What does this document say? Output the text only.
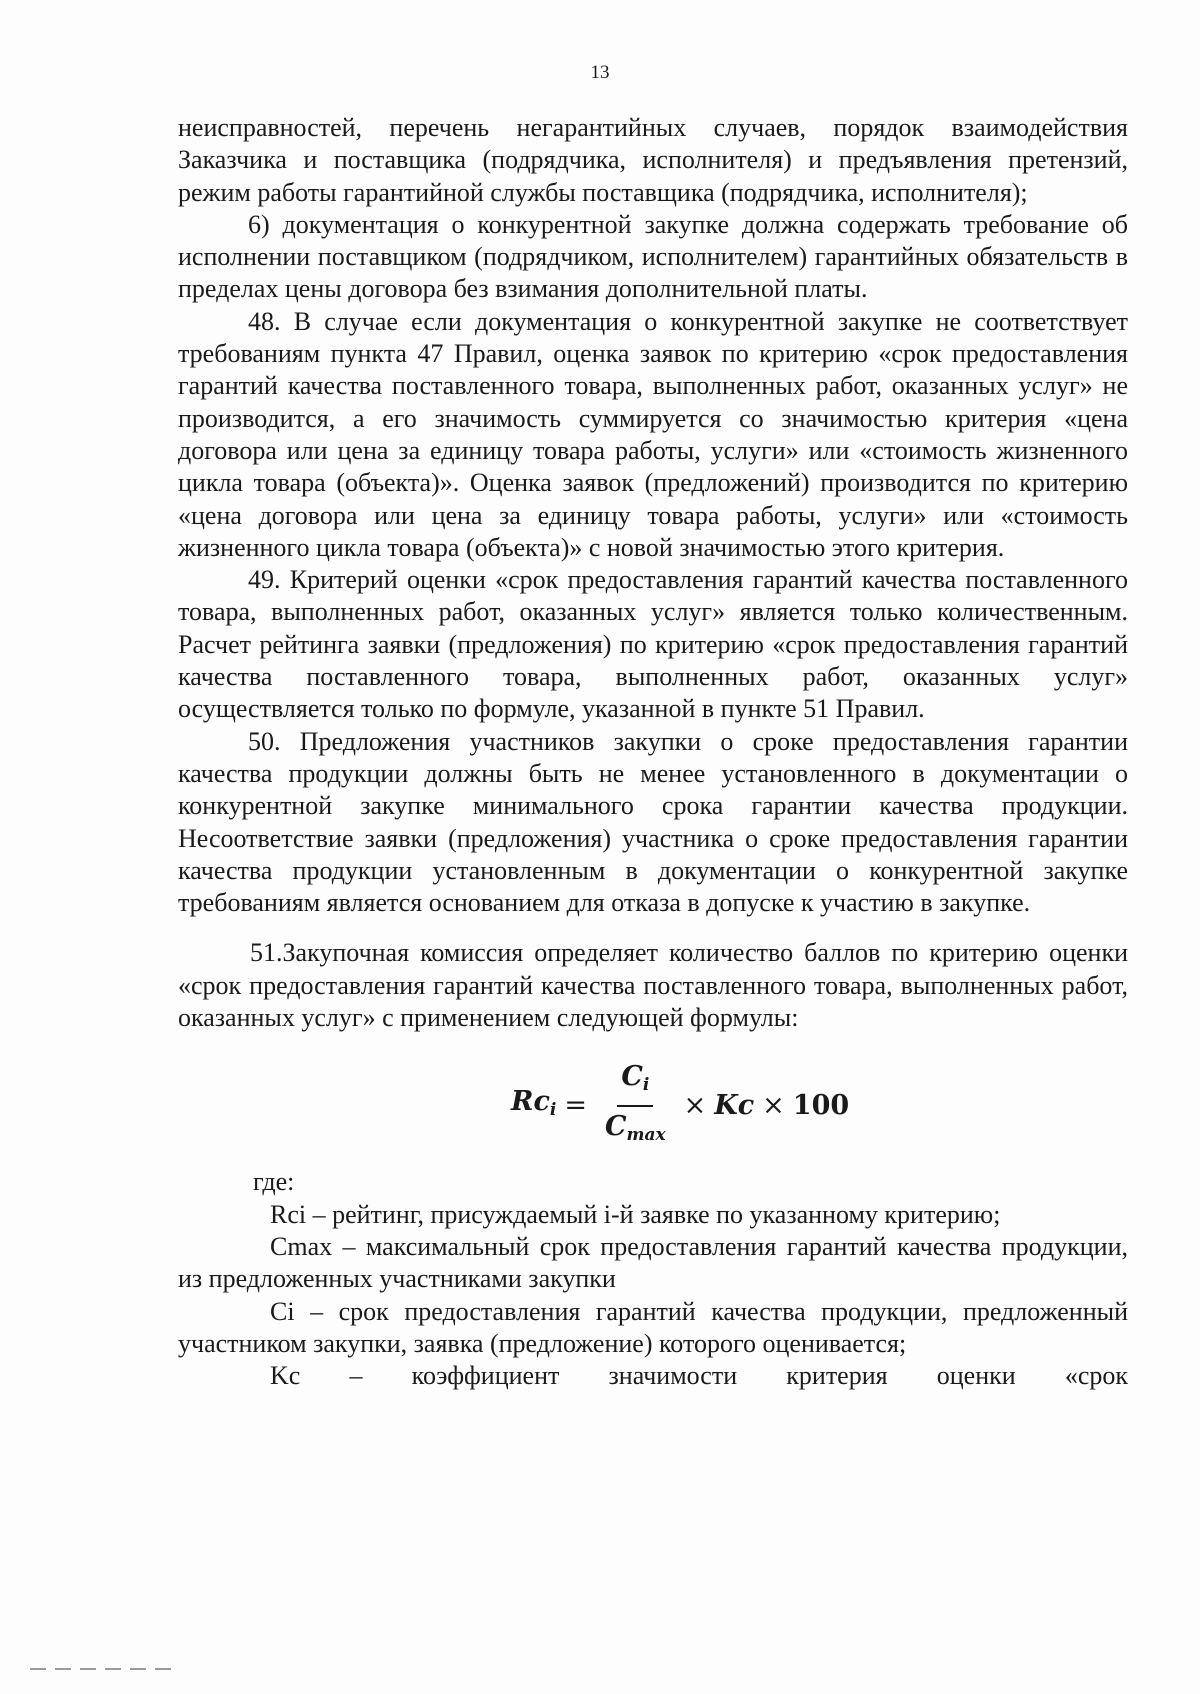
13

неисправностей, перечень негарантийных случаев, порядок взаимодействия Заказчика и поставщика (подрядчика, исполнителя) и предъявления претензий, режим работы гарантийной службы поставщика (подрядчика, исполнителя);

6) документация о конкурентной закупке должна содержать требование об исполнении поставщиком (подрядчиком, исполнителем) гарантийных обязательств в пределах цены договора без взимания дополнительной платы.

48. В случае если документация о конкурентной закупке не соответствует требованиям пункта 47 Правил, оценка заявок по критерию «срок предоставления гарантий качества поставленного товара, выполненных работ, оказанных услуг» не производится, а его значимость суммируется со значимостью критерия «цена договора или цена за единицу товара работы, услуги» или «стоимость жизненного цикла товара (объекта)». Оценка заявок (предложений) производится по критерию «цена договора или цена за единицу товара работы, услуги» или «стоимость жизненного цикла товара (объекта)» с новой значимостью этого критерия.

49. Критерий оценки «срок предоставления гарантий качества поставленного товара, выполненных работ, оказанных услуг» является только количественным. Расчет рейтинга заявки (предложения) по критерию «срок предоставления гарантий качества поставленного товара, выполненных работ, оказанных услуг» осуществляется только по формуле, указанной в пункте 51 Правил.

50. Предложения участников закупки о сроке предоставления гарантии качества продукции должны быть не менее установленного в документации о конкурентной закупке минимального срока гарантии качества продукции. Несоответствие заявки (предложения) участника о сроке предоставления гарантии качества продукции установленным в документации о конкурентной закупке требованиям является основанием для отказа в допуске к участию в закупке.

51.Закупочная комиссия определяет количество баллов по критерию оценки «срок предоставления гарантий качества поставленного товара, выполненных работ, оказанных услуг» с применением следующей формулы:

$Rc_i = \frac{C_i}{C_{max}} \times Kc \times 100$

где:

Rci – рейтинг, присуждаемый i-й заявке по указанному критерию;

Cmax – максимальный срок предоставления гарантий качества продукции, из предложенных участниками закупки

Ci – срок предоставления гарантий качества продукции, предложенный участником закупки, заявка (предложение) которого оценивается;

Kc – коэффициент значимости критерия оценки «срок
